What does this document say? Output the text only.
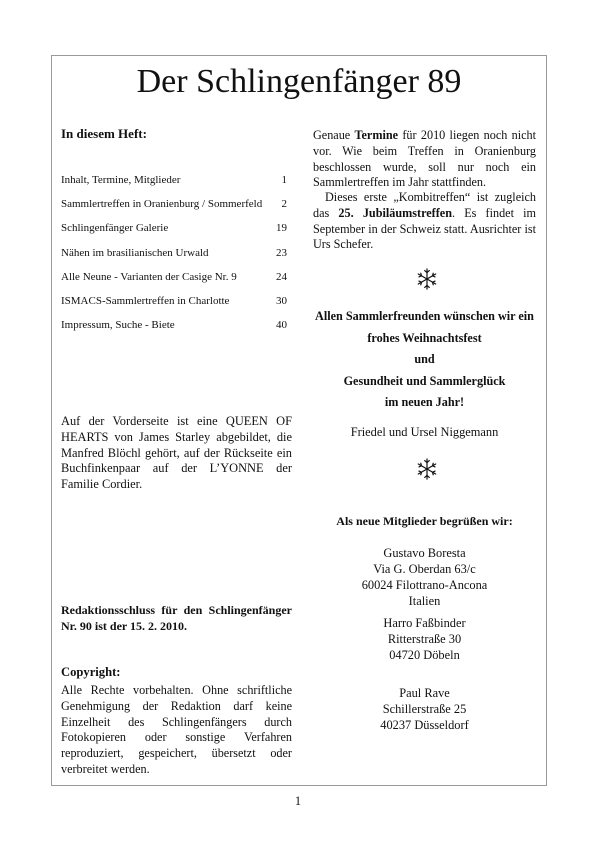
Der Schlingenfänger 89
In diesem Heft:
Inhalt, Termine, Mitglieder	1
Sammlertreffen in Oranienburg / Sommerfeld 2
Schlingenfänger Galerie	19
Nähen im brasilianischen Urwald	23
Alle Neune - Varianten der Casige Nr. 9	24
ISMACS-Sammlertreffen in Charlotte	30
Impressum, Suche - Biete	40
Auf der Vorderseite ist eine QUEEN OF HEARTS von James Starley abgebildet, die Manfred Blöchl gehört, auf der Rückseite ein Buchfinkenpaar auf der L’YONNE der Familie Cordier.
Redaktionsschluss für den Schlingenfänger Nr. 90 ist der 15. 2. 2010.
Copyright:
Alle Rechte vorbehalten. Ohne schriftliche Genehmigung der Redaktion darf keine Einzelheit des Schlingenfängers durch Fotokopieren oder sonstige Verfahren reproduziert, gespeichert, übersetzt oder verbreitet werden.
Genaue Termine für 2010 liegen noch nicht vor. Wie beim Treffen in Oranienburg beschlossen wurde, soll nur noch ein Sammlertreffen im Jahr stattfinden.
Dieses erste „Kombitreffen“ ist zugleich das 25. Jubiläumstreffen. Es findet im September in der Schweiz statt. Ausrichter ist Urs Schefer.
Allen Sammlerfreunden wünschen wir ein
frohes Weihnachtsfest
und
Gesundheit und Sammlerglück
im neuen Jahr!
Friedel und Ursel Niggemann
Als neue Mitglieder begrüßen wir:
Gustavo Boresta
Via G. Oberdan 63/c
60024 Filottrano-Ancona
Italien
Harro Faßbinder
Ritterstraße 30
04720 Döbeln
Paul Rave
Schillerstraße 25
40237 Düsseldorf
1
